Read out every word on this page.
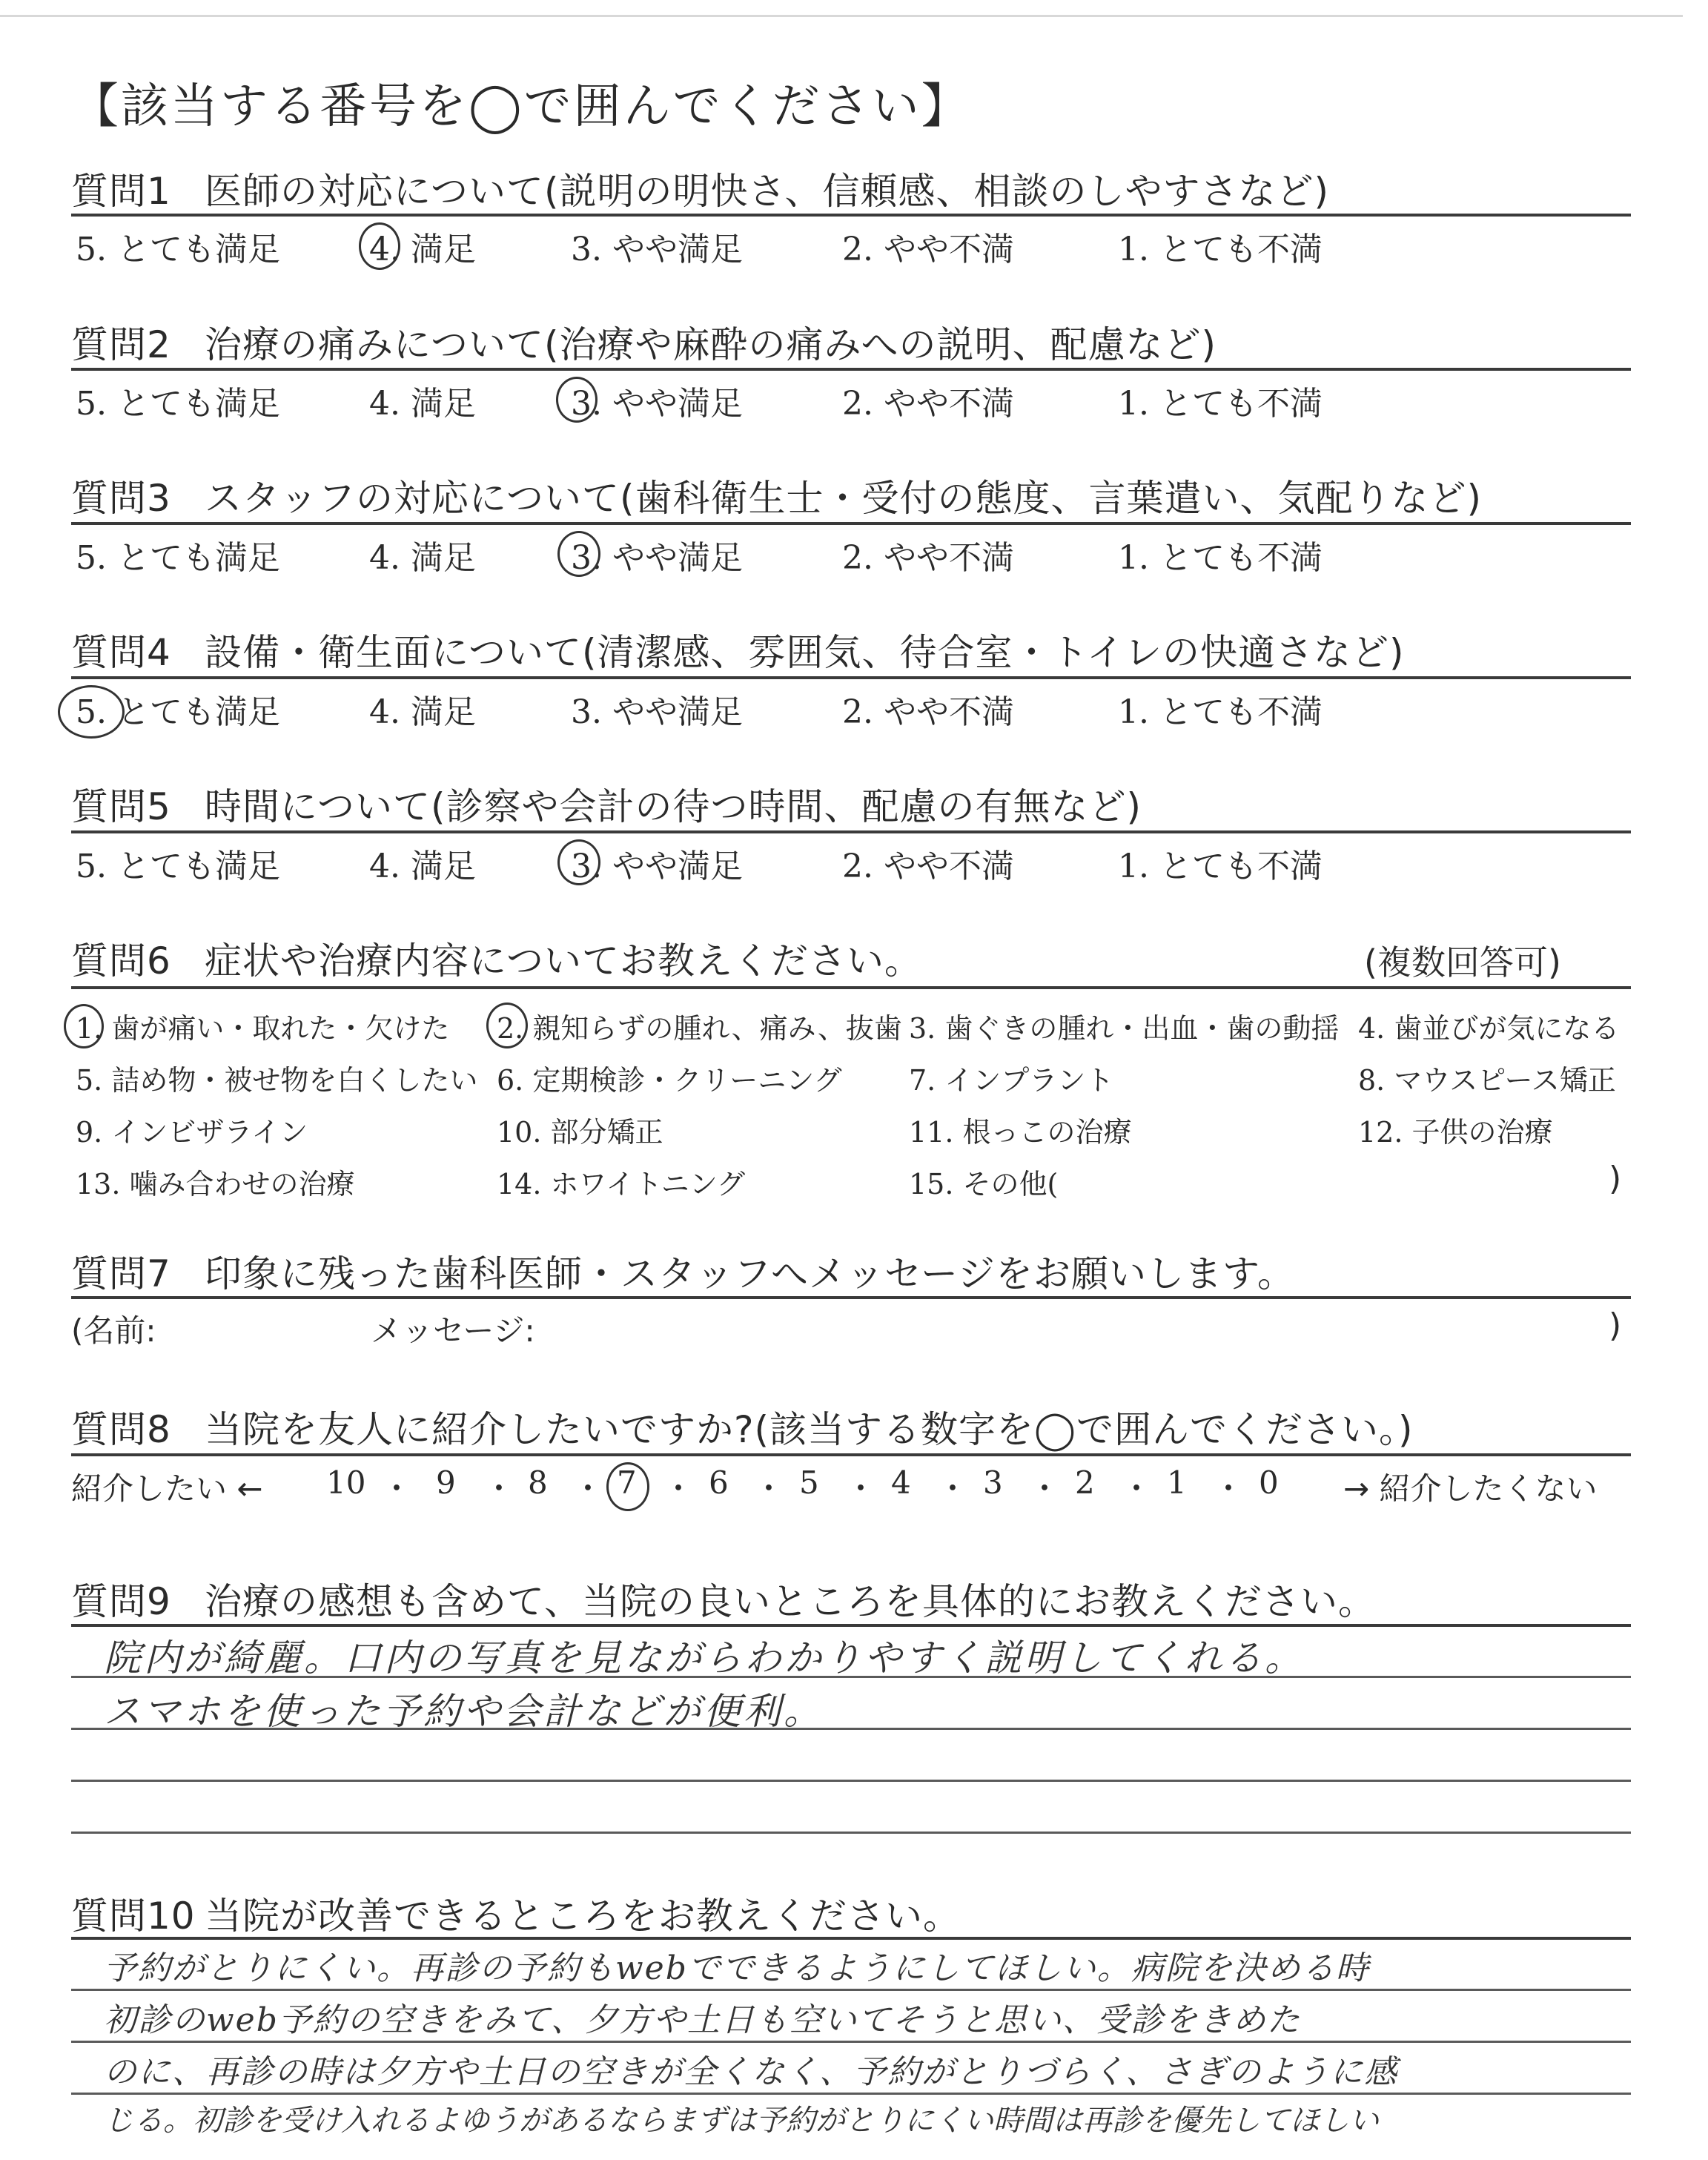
【該当する番号を◯で囲んでください】
質問1 医師の対応について(説明の明快さ、信頼感、相談のしやすさなど)
5. とても満足	4. 満足	3. やや満足	2. やや不満	1. とても不満
質問2 治療の痛みについて(治療や麻酔の痛みへの説明、配慮など)
5. とても満足	4. 満足	3. やや満足	2. やや不満	1. とても不満
質問3 スタッフの対応について(歯科衛生士・受付の態度、言葉遣い、気配りなど)
5. とても満足	4. 満足	3. やや満足	2. やや不満	1. とても不満
質問4 設備・衛生面について(清潔感、雰囲気、待合室・トイレの快適さなど)
5. とても満足	4. 満足	3. やや満足	2. やや不満	1. とても不満
質問5 時間について(診察や会計の待つ時間、配慮の有無など)
5. とても満足	4. 満足	3. やや満足	2. やや不満	1. とても不満
質問6 症状や治療内容についてお教えください。	(複数回答可)
1. 歯が痛い・取れた・欠けた 2. 親知らずの腫れ、痛み、抜歯 3. 歯ぐきの腫れ・出血・歯の動揺 4. 歯並びが気になる
5. 詰め物・被せ物を白くしたい 6. 定期検診・クリーニング 7. インプラント	8. マウスピース矯正
9. インビザライン	10. 部分矯正	11. 根っこの治療	12. 子供の治療
13. 噛み合わせの治療	14. ホワイトニング	15. その他(	)
質問7 印象に残った歯科医師・スタッフへメッセージをお願いします。
(名前:	メッセージ:	)
質問8 当院を友人に紹介したいですか?(該当する数字を◯で囲んでください。)
紹介したい ← 10 ・ 9 ・ 8 ・ 7 ・ 6 ・ 5 ・ 4 ・ 3 ・ 2 ・ 1 ・ 0 → 紹介したくない
質問9 治療の感想も含めて、当院の良いところを具体的にお教えください。
院内が綺麗。口内の写真を見ながらわかりやすく説明してくれる。
スマホを使った予約や会計などが便利。
質問10 当院が改善できるところをお教えください。
予約がとりにくい。再診の予約もwebでできるようにしてほしい。病院を決める時
初診のweb予約の空きをみて、夕方や土日も空いてそうと思い、受診をきめた
のに、再診の時は夕方や土日の空きが全くなく、予約がとりづらく、さぎのように感
じる。初診を受け入れるよゆうがあるならまずは予約がとりにくい時間は再診を優先してほしい
